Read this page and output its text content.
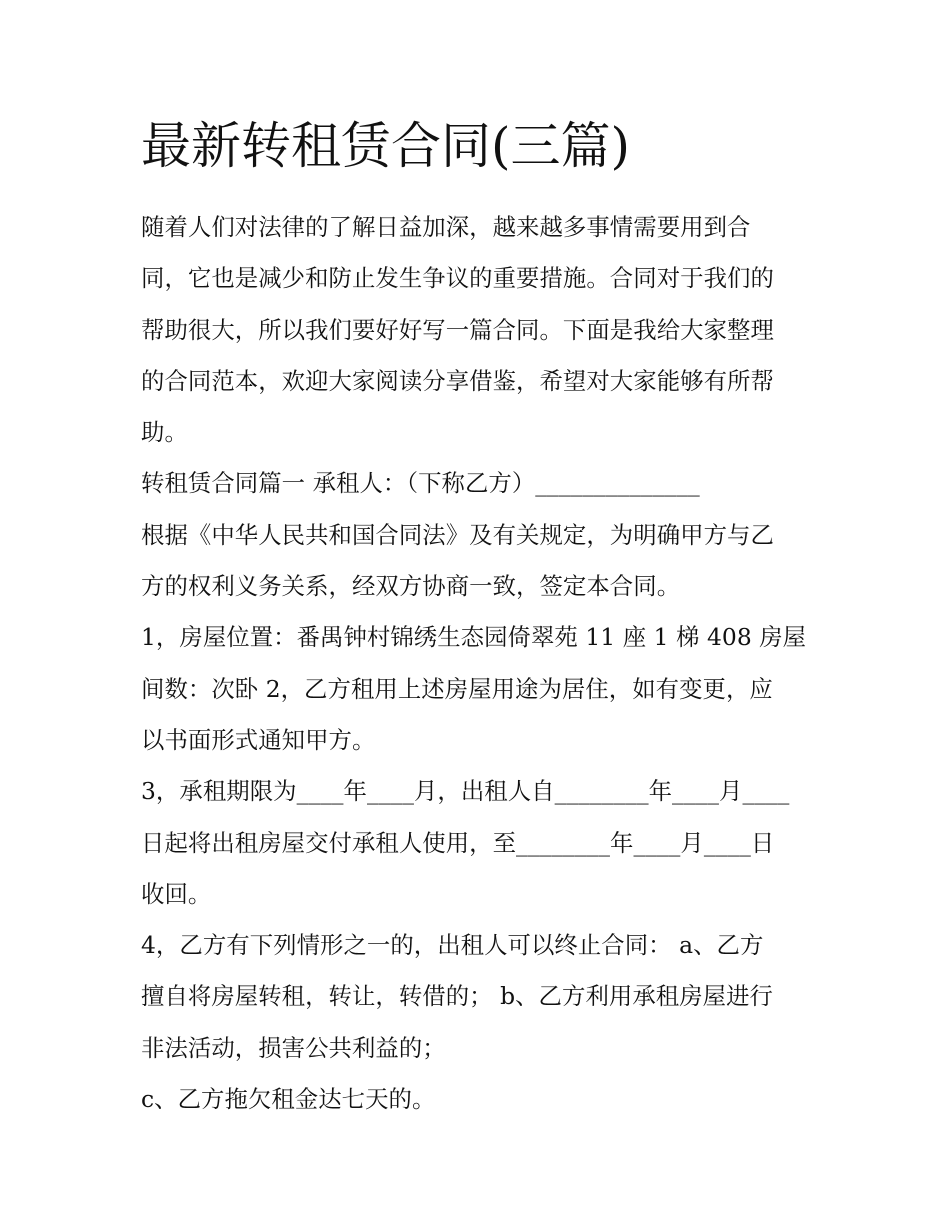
最新转租赁合同(三篇)

随着人们对法律的了解日益加深，越来越多事情需要用到合
同，它也是减少和防止发生争议的重要措施。合同对于我们的
帮助很大，所以我们要好好写一篇合同。下面是我给大家整理
的合同范本，欢迎大家阅读分享借鉴，希望对大家能够有所帮
助。

转租赁合同篇一 承租人：（下称乙方）______________

根据《中华人民共和国合同法》及有关规定，为明确甲方与乙
方的权利义务关系，经双方协商一致，签定本合同。

1，房屋位置：番禺钟村锦绣生态园倚翠苑 11 座 1 梯 408 房屋
间数：次卧 2，乙方租用上述房屋用途为居住，如有变更，应
以书面形式通知甲方。

3，承租期限为____年____月，出租人自________年____月____
日起将出租房屋交付承租人使用，至________年____月____日
收回。

4，乙方有下列情形之一的，出租人可以终止合同： a、乙方
擅自将房屋转租，转让，转借的； b、乙方利用承租房屋进行
非法活动，损害公共利益的；

c、乙方拖欠租金达七天的。
